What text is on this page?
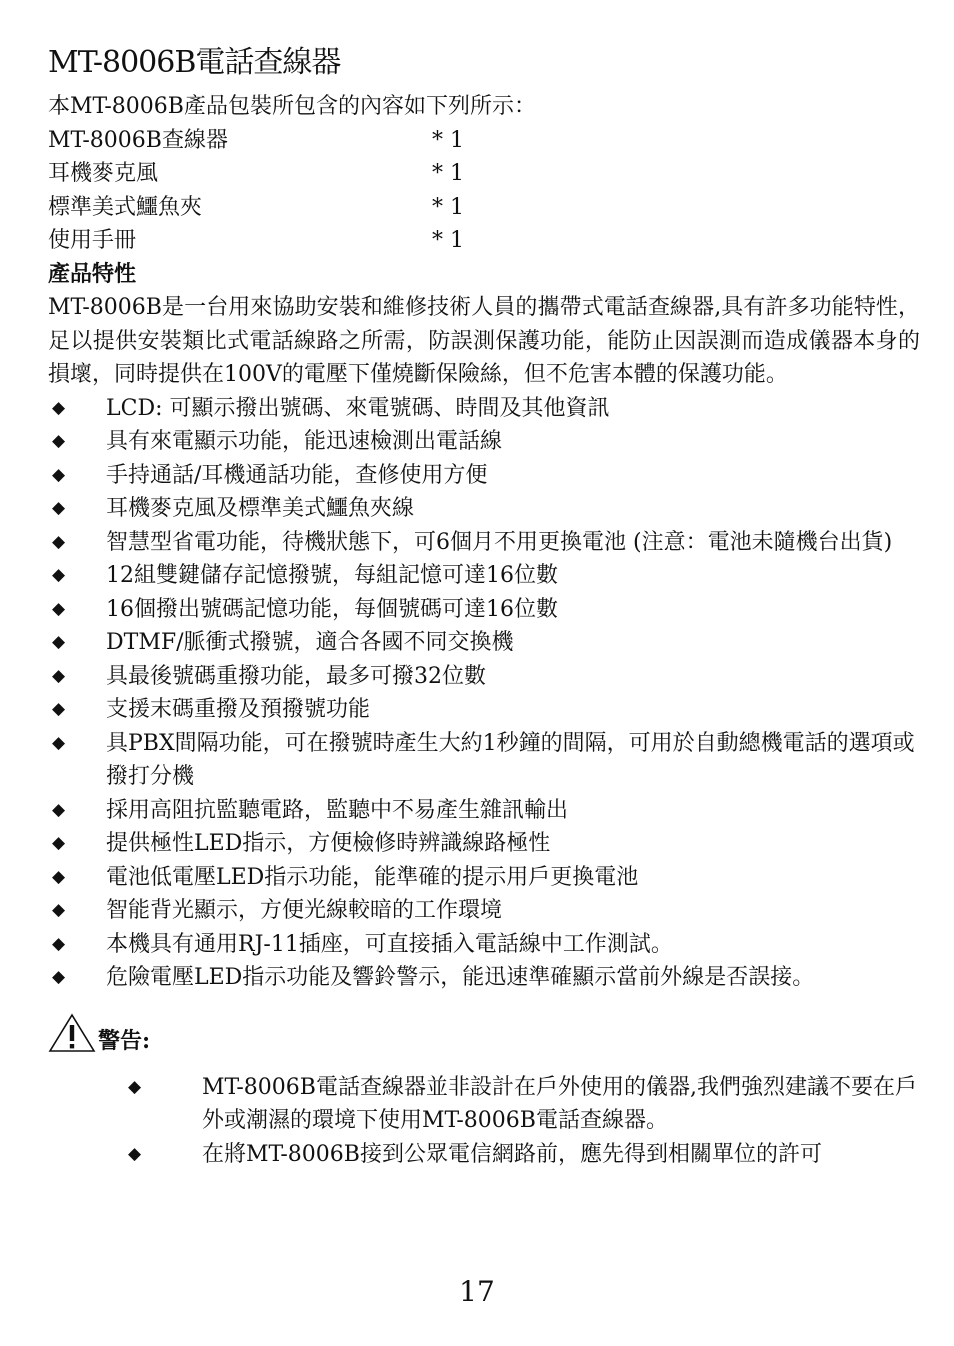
MT-8006B電話查線器
本MT-8006B產品包裝所包含的內容如下列所示：
MT-8006B查線器	* 1
耳機麥克風	* 1
標準美式鱷魚夾	* 1
使用手冊	* 1
產品特性
MT-8006B是一台用來協助安裝和維修技術人員的攜帶式電話查線器,具有許多功能特性，足以提供安裝類比式電話線路之所需，防誤測保護功能，能防止因誤測而造成儀器本身的損壞，同時提供在100V的電壓下僅燒斷保險絲，但不危害本體的保護功能。
◆	LCD: 可顯示撥出號碼、來電號碼、時間及其他資訊
◆	具有來電顯示功能，能迅速檢測出電話線
◆	手持通話/耳機通話功能，查修使用方便
◆	耳機麥克風及標準美式鱷魚夾線
◆	智慧型省電功能，待機狀態下，可6個月不用更換電池 (注意：電池未隨機台出貨)
◆	12組雙鍵儲存記憶撥號，每組記憶可達16位數
◆	16個撥出號碼記憶功能，每個號碼可達16位數
◆	DTMF/脈衝式撥號，適合各國不同交換機
◆	具最後號碼重撥功能，最多可撥32位數
◆	支援末碼重撥及預撥號功能
◆	具PBX間隔功能，可在撥號時產生大約1秒鐘的間隔，可用於自動總機電話的選項或撥打分機
◆	採用高阻抗監聽電路，監聽中不易產生雜訊輸出
◆	提供極性LED指示，方便檢修時辨識線路極性
◆	電池低電壓LED指示功能，能準確的提示用戶更換電池
◆	智能背光顯示，方便光線較暗的工作環境
◆	本機具有通用RJ-11插座，可直接插入電話線中工作測試。
◆	危險電壓LED指示功能及響鈴警示，能迅速準確顯示當前外線是否誤接。
警告:
◆	MT-8006B電話查線器並非設計在戶外使用的儀器,我們強烈建議不要在戶外或潮濕的環境下使用MT-8006B電話查線器。
◆	在將MT-8006B接到公眾電信網路前，應先得到相關單位的許可
17
